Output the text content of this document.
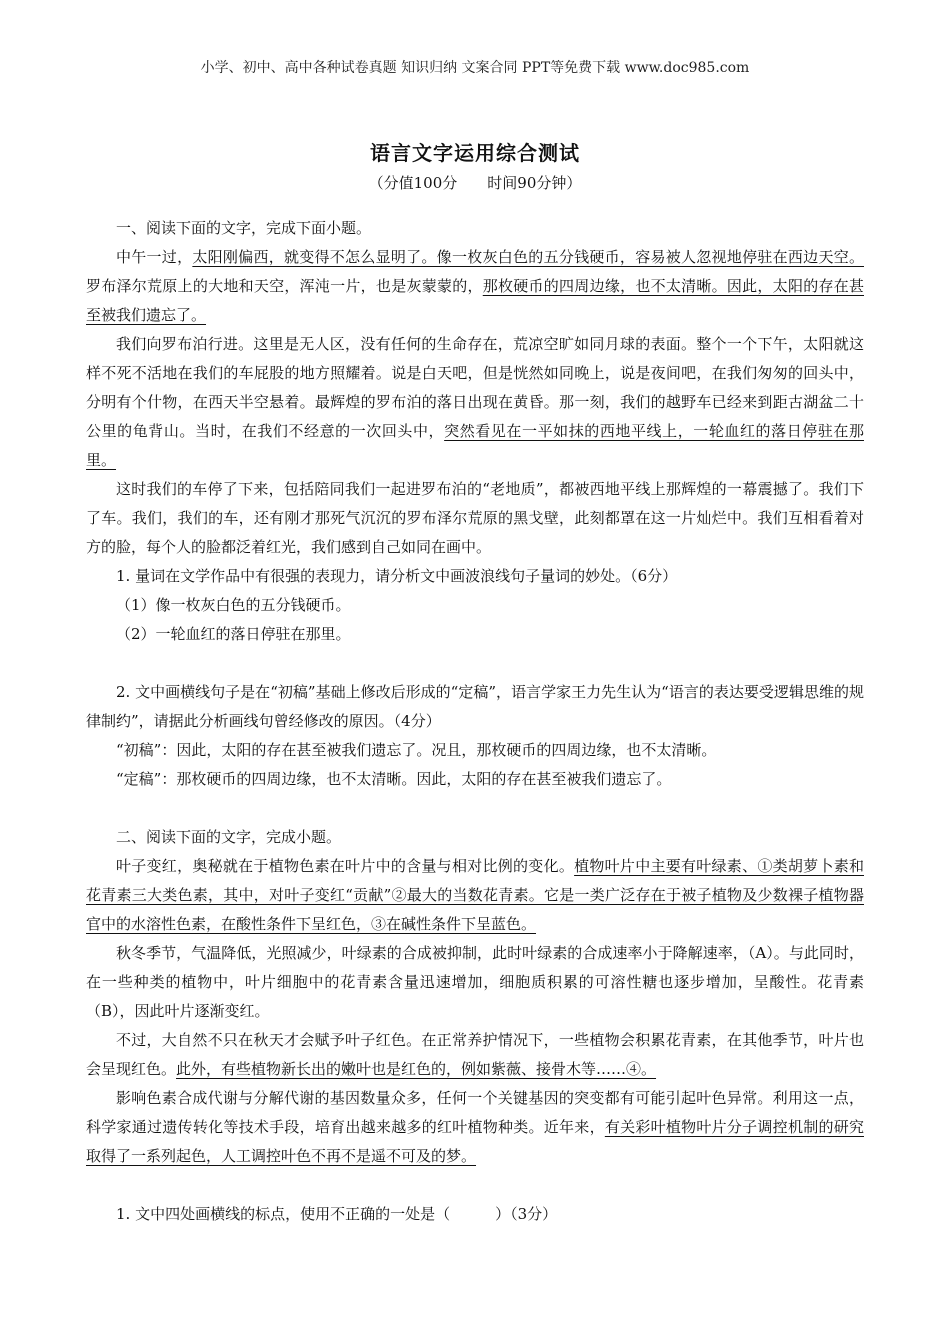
小学、初中、高中各种试卷真题 知识归纳 文案合同 PPT等免费下载 www.doc985.com
语言文字运用综合测试
（分值100分　　时间90分钟）

一、阅读下面的文字，完成下面小题。

中午一过，太阳刚偏西，就变得不怎么显明了。像一枚灰白色的五分钱硬币，容易被人忽视地停驻在西边天空。罗布泽尔荒原上的大地和天空，浑沌一片，也是灰蒙蒙的，那枚硬币的四周边缘，也不太清晰。因此，太阳的存在甚至被我们遗忘了。

我们向罗布泊行进。这里是无人区，没有任何的生命存在，荒凉空旷如同月球的表面。整个一个下午，太阳就这样不死不活地在我们的车屁股的地方照耀着。说是白天吧，但是恍然如同晚上，说是夜间吧，在我们匆匆的回头中，分明有个什物，在西天半空悬着。最辉煌的罗布泊的落日出现在黄昏。那一刻，我们的越野车已经来到距古湖盆二十公里的龟背山。当时，在我们不经意的一次回头中，突然看见在一平如抹的西地平线上，一轮血红的落日停驻在那里。

这时我们的车停了下来，包括陪同我们一起进罗布泊的“老地质”，都被西地平线上那辉煌的一幕震撼了。我们下了车。我们，我们的车，还有刚才那死气沉沉的罗布泽尔荒原的黑戈壁，此刻都罩在这一片灿烂中。我们互相看着对方的脸，每个人的脸都泛着红光，我们感到自己如同在画中。

1. 量词在文学作品中有很强的表现力，请分析文中画波浪线句子量词的妙处。（6分）

（1）像一枚灰白色的五分钱硬币。

（2）一轮血红的落日停驻在那里。

2. 文中画横线句子是在“初稿”基础上修改后形成的“定稿”，语言学家王力先生认为“语言的表达要受逻辑思维的规律制约”，请据此分析画线句曾经修改的原因。（4分）

“初稿”：因此，太阳的存在甚至被我们遗忘了。况且，那枚硬币的四周边缘，也不太清晰。

“定稿”：那枚硬币的四周边缘，也不太清晰。因此，太阳的存在甚至被我们遗忘了。

二、阅读下面的文字，完成小题。

叶子变红，奥秘就在于植物色素在叶片中的含量与相对比例的变化。植物叶片中主要有叶绿素、①类胡萝卜素和花青素三大类色素，其中，对叶子变红“贡献”②最大的当数花青素。它是一类广泛存在于被子植物及少数裸子植物器官中的水溶性色素，在酸性条件下呈红色，③在碱性条件下呈蓝色。

秋冬季节，气温降低，光照减少，叶绿素的合成被抑制，此时叶绿素的合成速率小于降解速率，（A）。与此同时，在一些种类的植物中，叶片细胞中的花青素含量迅速增加，细胞质积累的可溶性糖也逐步增加，呈酸性。花青素（B），因此叶片逐渐变红。

不过，大自然不只在秋天才会赋予叶子红色。在正常养护情况下，一些植物会积累花青素，在其他季节，叶片也会呈现红色。此外，有些植物新长出的嫩叶也是红色的，例如紫薇、接骨木等……④。

影响色素合成代谢与分解代谢的基因数量众多，任何一个关键基因的突变都有可能引起叶色异常。利用这一点，科学家通过遗传转化等技术手段，培育出越来越多的红叶植物种类。近年来，有关彩叶植物叶片分子调控机制的研究取得了一系列起色，人工调控叶色不再不是遥不可及的梦。

1. 文中四处画横线的标点，使用不正确的一处是（　　　）（3分）
